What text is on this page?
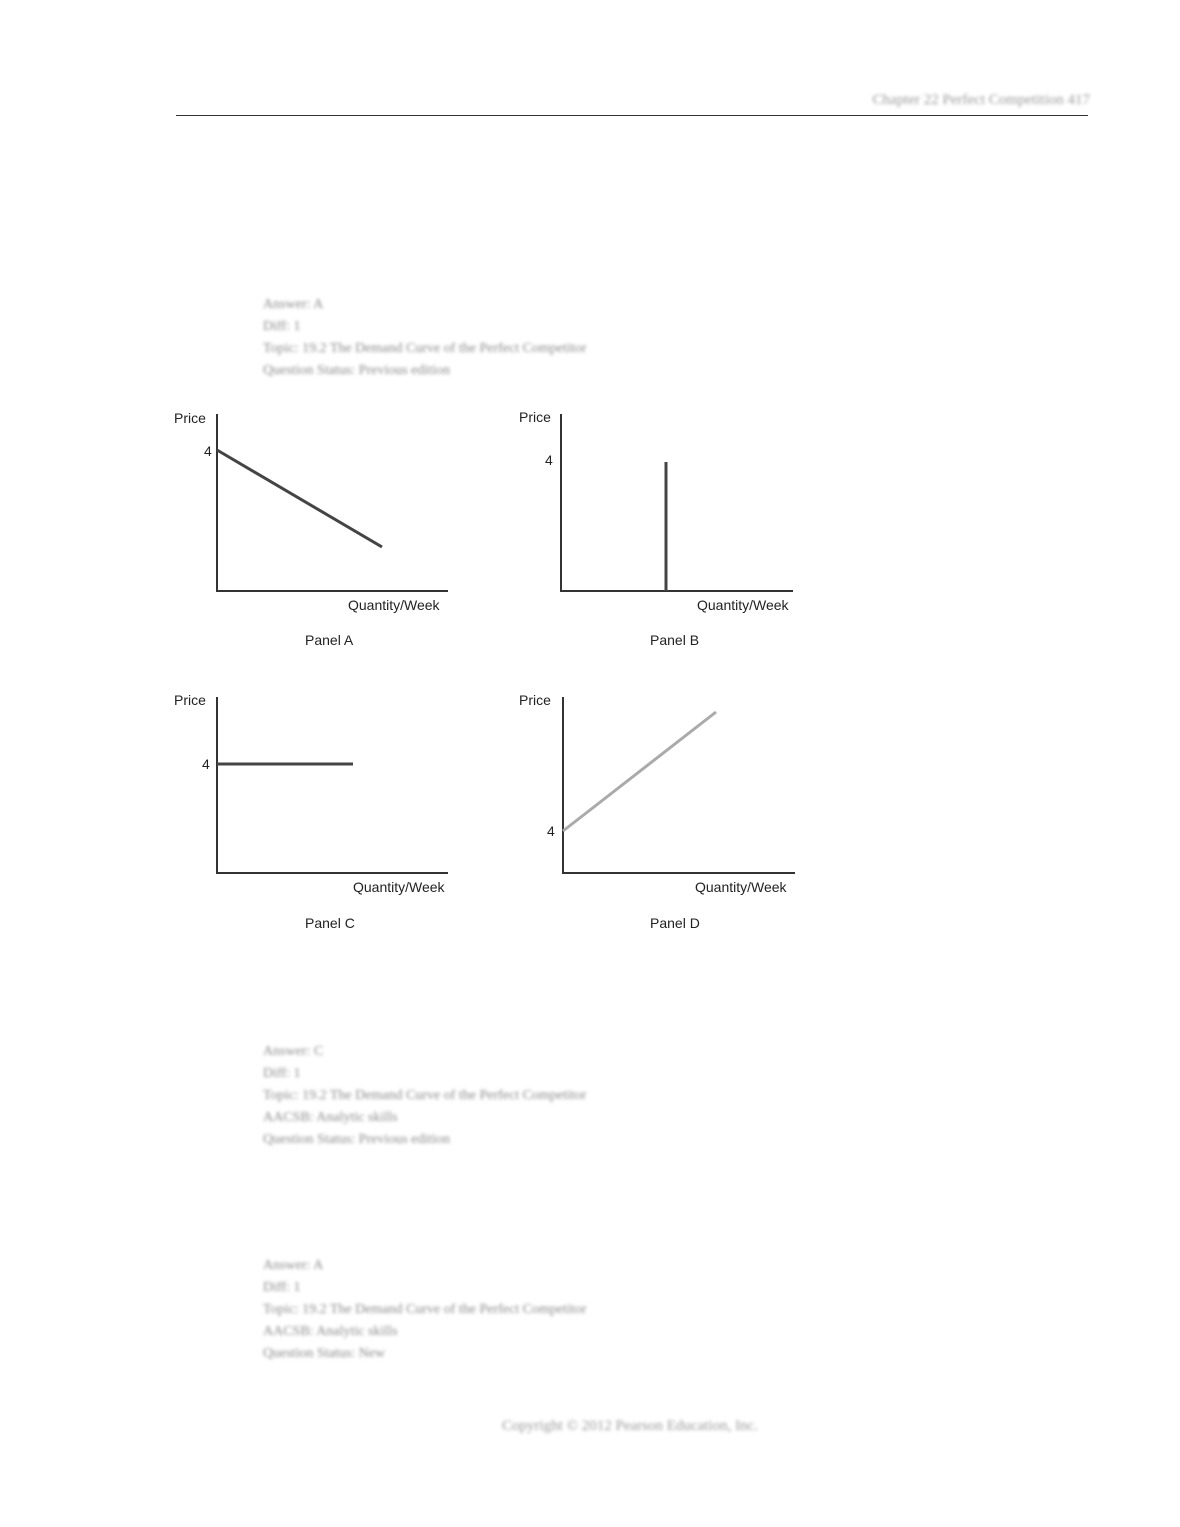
Chapter 22 Perfect Competition 417
Answer: A
Diff: 1
Topic: 19.2 The Demand Curve of the Perfect Competitor
Question Status: Previous edition
Price
4
Quantity/Week
Panel A
Price
4
Quantity/Week
Panel B
Price
4
Quantity/Week
Panel C
Price
4
Quantity/Week
Panel D
Answer: C
Diff: 1
Topic: 19.2 The Demand Curve of the Perfect Competitor
AACSB: Analytic skills
Question Status: Previous edition
Answer: A
Diff: 1
Topic: 19.2 The Demand Curve of the Perfect Competitor
AACSB: Analytic skills
Question Status: New
Copyright © 2012 Pearson Education, Inc.
